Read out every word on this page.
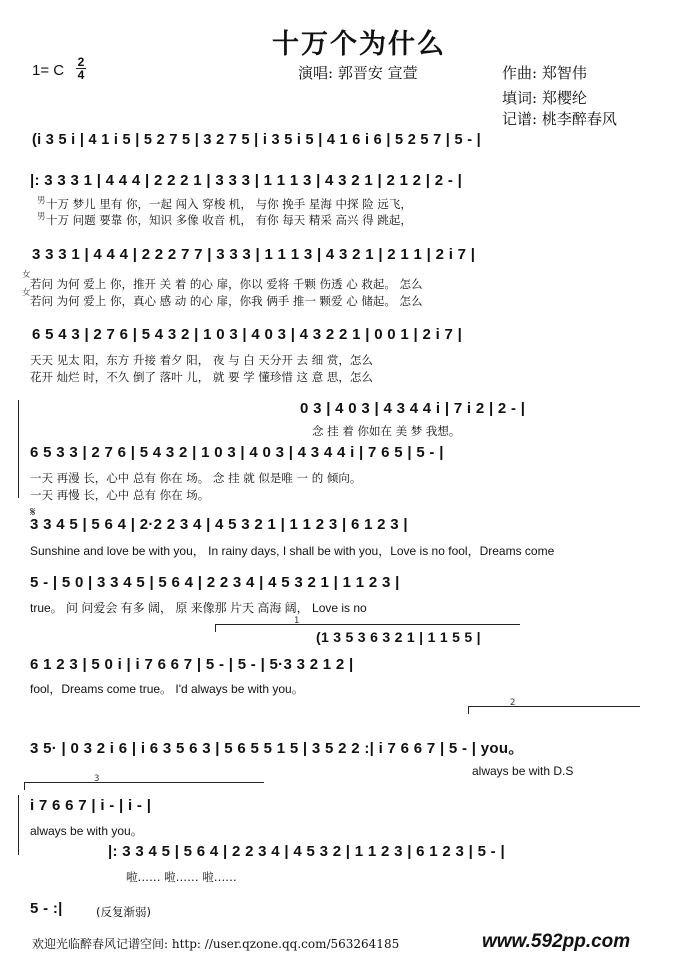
十万个为什么
1= C 2
4	演唱: 郭晋安 宣萱	作曲: 郑智伟
填词: 郑樱纶
记谱: 桃李醉春风
(i 3 5 i | 4 1 i 5 | 5 2 7 5 | 3 2 7 5 | i 3 5 i 5 | 4 1 6 i 6 | 5 2 5 7 | 5 - |
|: 3 3 3 1 | 4 4 4 | 2 2 2 1 | 3 3 3 | 1 1 1 3 | 4 3 2 1 | 2 1 2 | 2 - |
十万 梦儿 里有 你，一起 闯入 穿梭 机， 与你 挽手 星海 中探 险 远飞，
十万 问题 要靠 你，知识 多像 收音 机， 有你 每天 精采 高兴 得 跳起，
男
男
3 3 3 1 | 4 4 4 | 2 2 2 7 7 | 3 3 3 | 1 1 1 3 | 4 3 2 1 | 2 1 1 | 2 i 7 |
若问 为何 爱上 你，推开 关 着 的心 扉，你以 爱将 千颗 伤透 心 救起。 怎么
若问 为何 爱上 你，真心 感 动 的心 扉，你我 俩手 推一 颗爱 心 储起。 怎么
女
女
6 5 4 3 | 2 7 6 | 5 4 3 2 | 1 0 3 | 4 0 3 | 4 3 2 2 1 | 0 0 1 | 2 i 7 |
天天 见太 阳，东方 升接 着夕 阳， 夜 与 白 天分开 去 细 赏，怎么
花开 灿烂 时，不久 倒了 落叶 儿， 就 要 学 懂珍惜 这 意 思，怎么
0 3 | 4 0 3 | 4 3 4 4 i | 7 i 2 | 2 - |
念 挂 着 你如在 美 梦 我想。
6 5 3 3 | 2 7 6 | 5 4 3 2 | 1 0 3 | 4 0 3 | 4 3 4 4 i | 7 6 5 | 5 - |
一天 再漫 长，心中 总有 你在 场。 念 挂 就 似是唯 一 的 倾向。
一天 再慢 长，心中 总有 你在 场。
𝄋
3 3 4 5 | 5 6 4 | 2·2 2 3 4 | 4 5 3 2 1 | 1 1 2 3 | 6 1 2 3 |
Sunshine and love be with you， In rainy days, I shall be with you，Love is no fool，Dreams come
5 - | 5 0 | 3 3 4 5 | 5 6 4 | 2 2 3 4 | 4 5 3 2 1 | 1 1 2 3 |
true。 问 问爱会 有多 阔， 原 来像那 片天 高海 阔， Love is no
1
(1 3 5 3 6 3 2 1 | 1 1 5 5 |
6 1 2 3 | 5 0 i | i 7 6 6 7 | 5 - | 5 - | 5·3 3 2 1 2 |
fool，Dreams come true。 I'd always be with you。
2
3 5· | 0 3 2 i 6 | i 6 3 5 6 3 | 5 6 5 5 1 5 | 3 5 2 2 :| i 7 6 6 7 | 5 - | you。
always be with D.S
3
i 7 6 6 7 | i - | i - |
always be with you。
|: 3 3 4 5 | 5 6 4 | 2 2 3 4 | 4 5 3 2 | 1 1 2 3 | 6 1 2 3 | 5 - |
啦…… 啦…… 啦……
5 - :|	(反复渐弱)
欢迎光临醉春风记谱空间: http: //user.qzone.qq.com/563264185	www.592pp.com
